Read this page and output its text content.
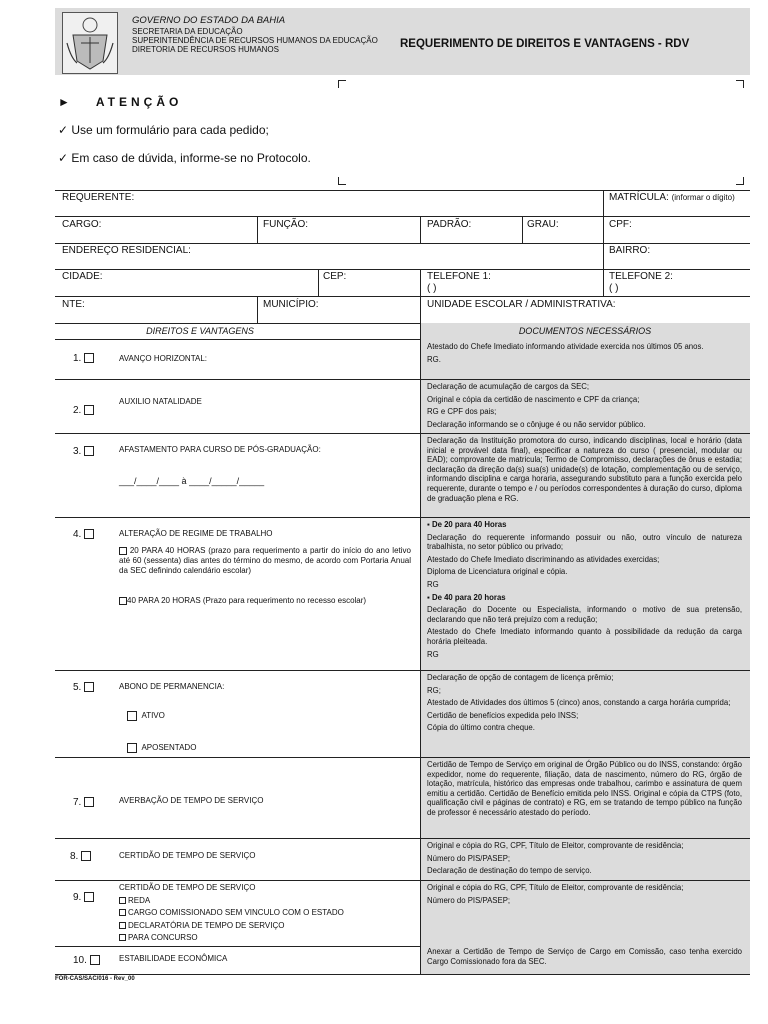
GOVERNO DO ESTADO DA BAHIA
SECRETARIA DA EDUCAÇÃO
SUPERINTENDÊNCIA DE RECURSOS HUMANOS DA EDUCAÇÃO
DIRETORIA DE RECURSOS HUMANOS	REQUERIMENTO DE DIREITOS E VANTAGENS - RDV
► ATENÇÃO
✓ Use um formulário para cada pedido;
✓ Em caso de dúvida, informe-se no Protocolo.
REQUERENTE:	MATRÍCULA: (informar o dígito)
CARGO:	FUNÇÃO:	PADRÃO:	GRAU:	CPF:
ENDEREÇO RESIDENCIAL:	BAIRRO:
CIDADE:	CEP:	TELEFONE 1:
( )
TELEFONE 2:
( )
NTE:	MUNICÍPIO:	UNIDADE ESCOLAR / ADMINISTRATIVA:
DIREITOS E VANTAGENS	DOCUMENTOS NECESSÁRIOS
1.	AVANÇO HORIZONTAL:

Atestado do Chefe Imediato informando atividade exercida nos últimos 05 anos.

RG.

2.
AUXILIO NATALIDADE

Declaração de acumulação de cargos da SEC;

Original e cópia da certidão de nascimento e CPF da criança;

RG e CPF dos pais;

Declaração informando se o cônjuge é ou não servidor público.

3.	AFASTAMENTO PARA CURSO DE PÓS-GRADUAÇÃO:
___/____/____ à ____/_____/_____

Declaração da Instituição promotora do curso, indicando disciplinas, local e horário (data inicial e provável data final), especificar a natureza do curso ( presencial, modular ou EAD); comprovante de matricula; Termo de Compromisso, declarações de ônus e estadia; declaração da direção da(s) sua(s) unidade(s) de lotação, complementação ou de serviço, informando disciplina e carga horaria, assegurando substituto para a função exercida pelo requerente, durante o tempo e / ou períodos correspondentes à duração do curso, diploma de graduação plena e RG.

4.	ALTERAÇÃO DE REGIME DE TRABALHO
20 PARA 40 HORAS (prazo para requerimento a partir do início do ano letivo até 60 (sessenta) dias antes do término do mesmo, de acordo com Portaria Anual da SEC definindo calendário escolar)
40 PARA 20 HORAS (Prazo para requerimento no recesso escolar)

▪ De 20 para 40 Horas

Declaração do requerente informando possuir ou não, outro vínculo de natureza trabalhista, no setor público ou privado;

Atestado do Chefe Imediato discriminando as atividades exercidas;

Diploma de Licenciatura original e cópia.

RG

▪ De 40 para 20 horas

Declaração do Docente ou Especialista, informando o motivo de sua pretensão, declarando que não terá prejuízo com a redução;

Atestado do Chefe Imediato informando quanto à possibilidade da redução da carga horária pleiteada.

RG

5.	ABONO DE PERMANENCIA:
ATIVO
APOSENTADO

Declaração de opção de contagem de licença prêmio;

RG;

Atestado de Atividades dos últimos 5 (cinco) anos, constando a carga horária cumprida;

Certidão de benefícios expedida pelo INSS;

Cópia do último contra cheque.

7.	AVERBAÇÃO DE TEMPO DE SERVIÇO

Certidão de Tempo de Serviço em original de Órgão Público ou do INSS, constando: órgão expedidor, nome do requerente, filiação, data de nascimento, número do RG, órgão de lotação, matrícula, histórico das empresas onde trabalhou, carimbo e assinatura de quem emitiu a certidão. Certidão de Benefício emitida pelo INSS. Original e cópia da CTPS (foto, qualificação civil e páginas de contrato) e RG, em se tratando de tempo público na função de professor é necessário atestado do período.

8.	CERTIDÃO DE TEMPO DE SERVIÇO

Original e cópia do RG, CPF, Título de Eleitor, comprovante de residência;

Número do PIS/PASEP;

Declaração de destinação do tempo de serviço.

9.
CERTIDÃO DE TEMPO DE SERVIÇO
REDA
CARGO COMISSIONADO SEM VINCULO COM O ESTADO
DECLARATÓRIA DE TEMPO DE SERVIÇO
PARA CONCURSO

Original e cópia do RG, CPF, Título de Eleitor, comprovante de residência;

Número do PIS/PASEP;

10.	ESTABILIDADE ECONÔMICA

Anexar a Certidão de Tempo de Serviço de Cargo em Comissão, caso tenha exercido Cargo Comissionado fora da SEC.

FOR-CAS/SAC/016 - Rev_00
